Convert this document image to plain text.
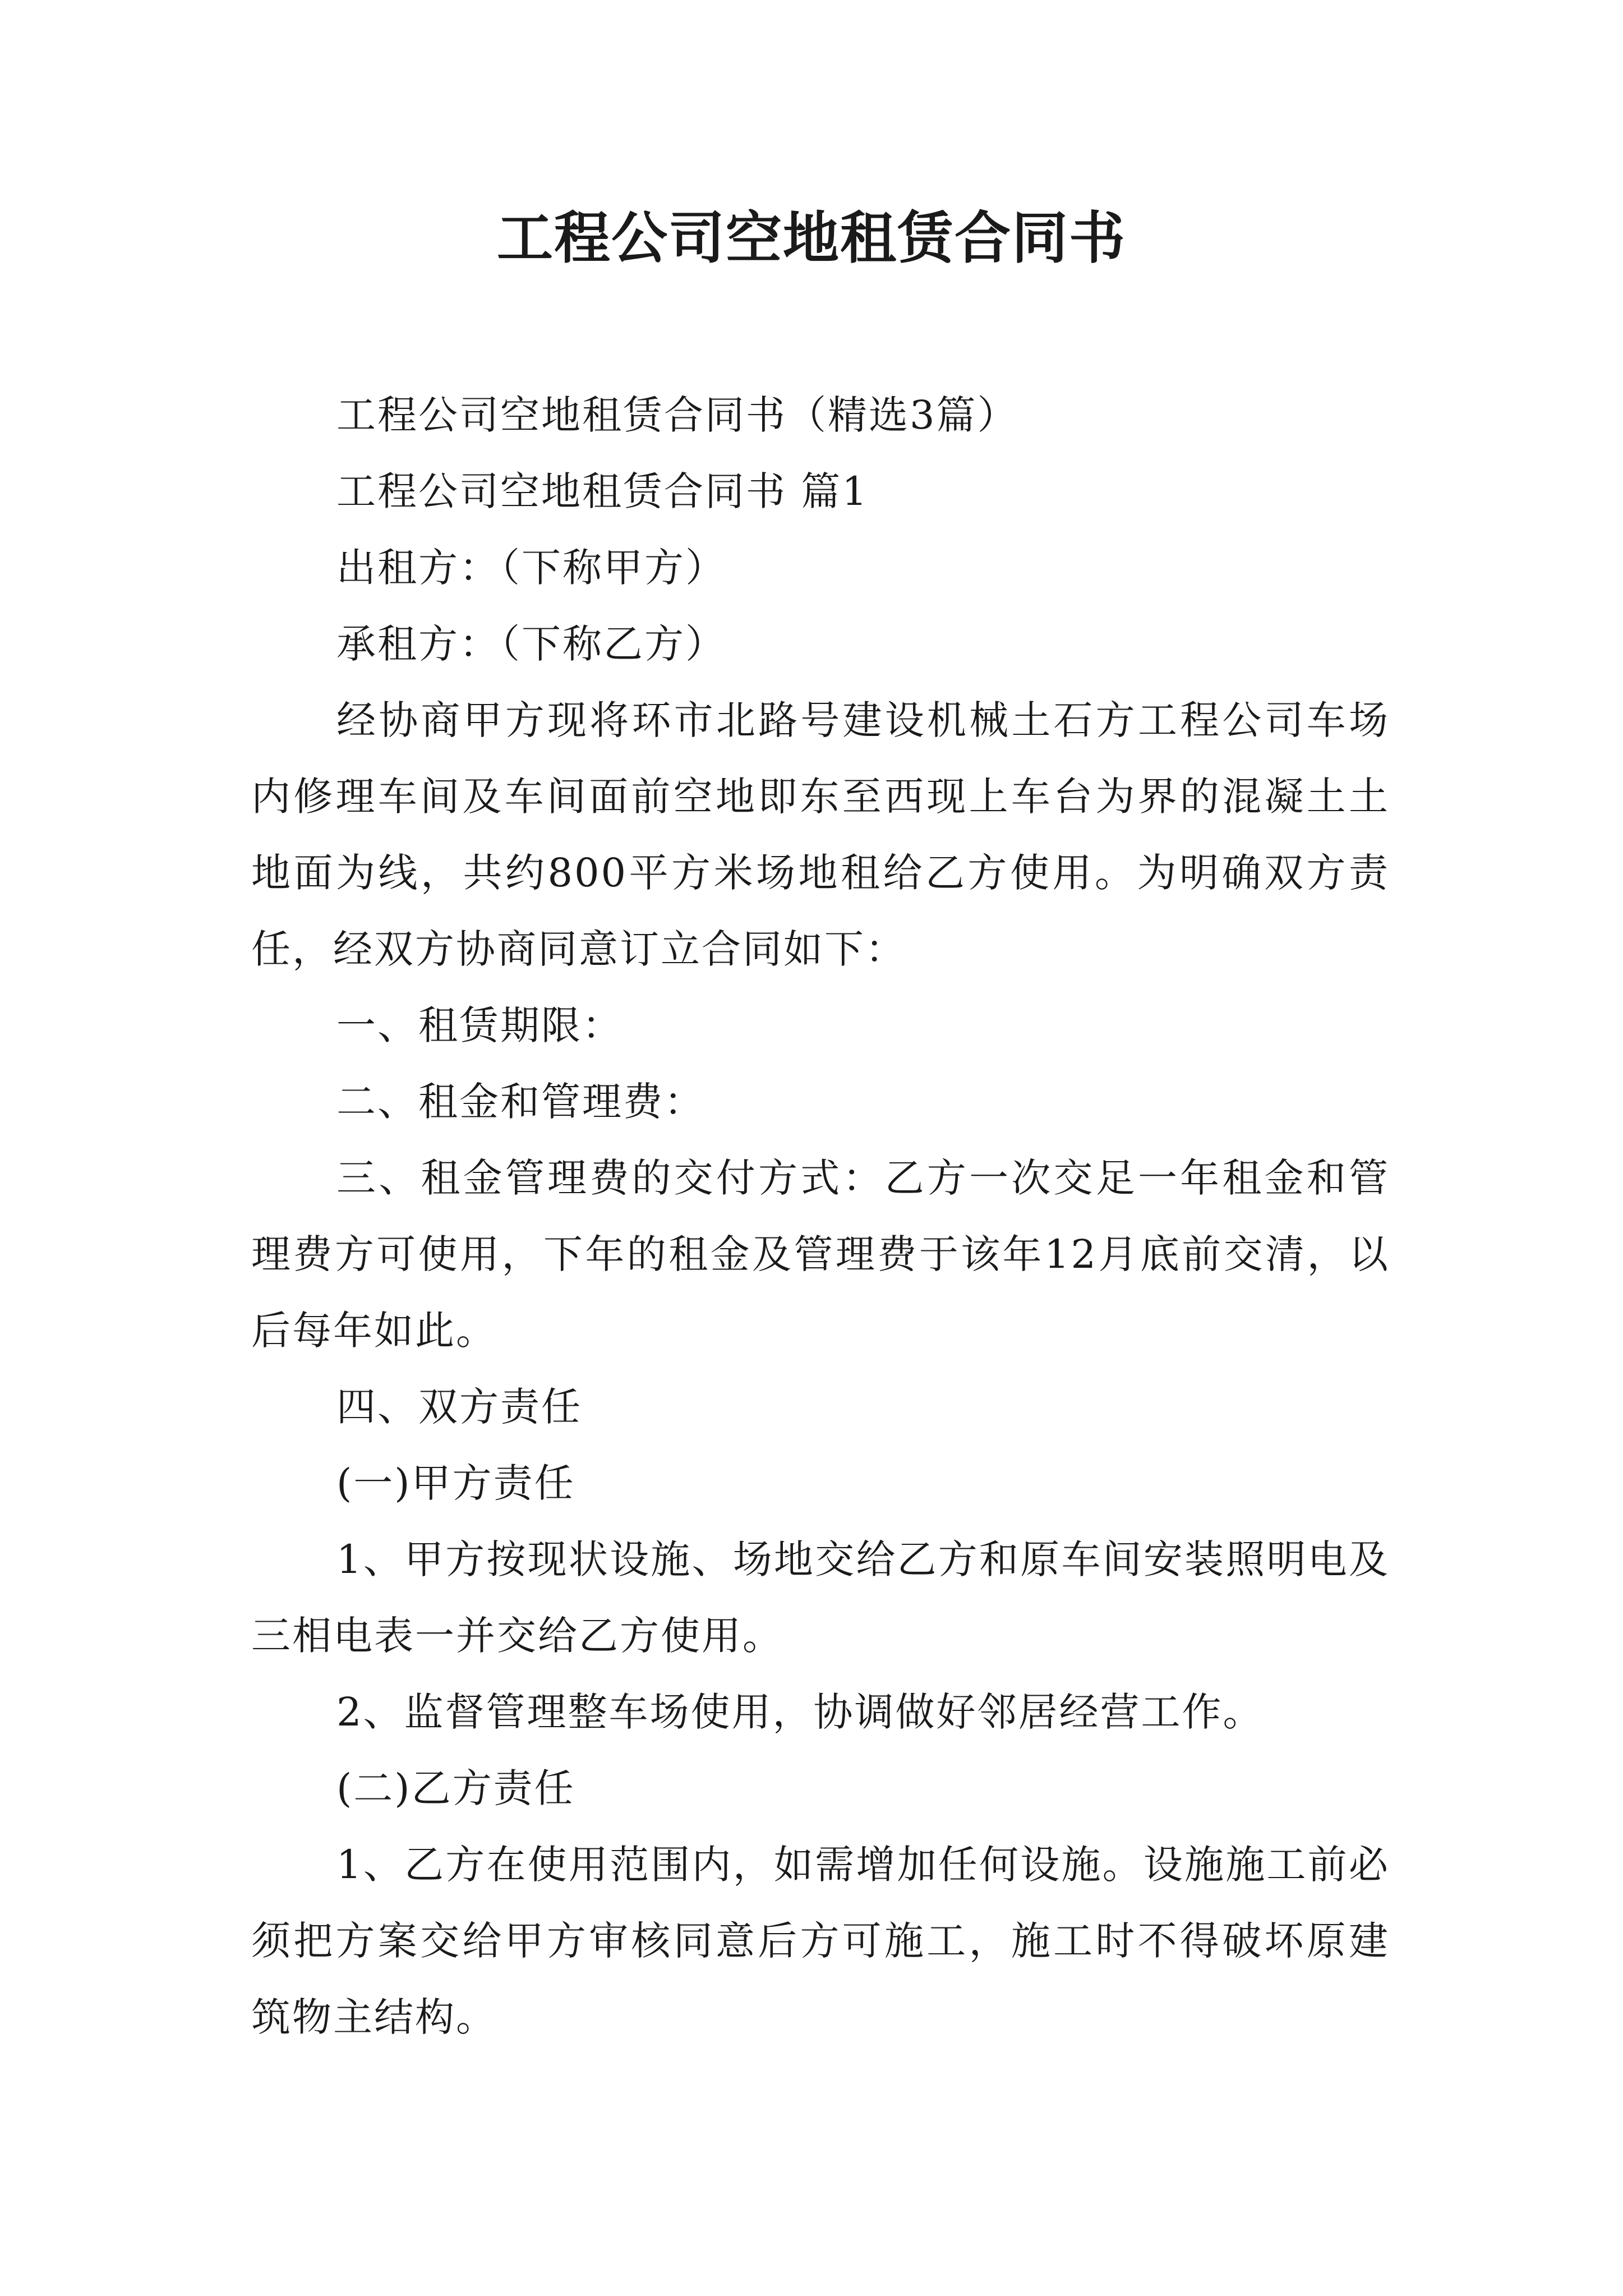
工程公司空地租赁合同书

工程公司空地租赁合同书（精选3篇）

工程公司空地租赁合同书 篇1

出租方：（下称甲方）

承租方：（下称乙方）

经协商甲方现将环市北路号建设机械土石方工程公司车场内修理车间及车间面前空地即东至西现上车台为界的混凝土土地面为线，共约800平方米场地租给乙方使用。为明确双方责任，经双方协商同意订立合同如下：

一、租赁期限：

二、租金和管理费：

三、租金管理费的交付方式：乙方一次交足一年租金和管理费方可使用，下年的租金及管理费于该年12月底前交清，以后每年如此。

四、双方责任

(一)甲方责任

1、甲方按现状设施、场地交给乙方和原车间安装照明电及三相电表一并交给乙方使用。

2、监督管理整车场使用，协调做好邻居经营工作。

(二)乙方责任

1、乙方在使用范围内，如需增加任何设施。设施施工前必须把方案交给甲方审核同意后方可施工，施工时不得破坏原建筑物主结构。
